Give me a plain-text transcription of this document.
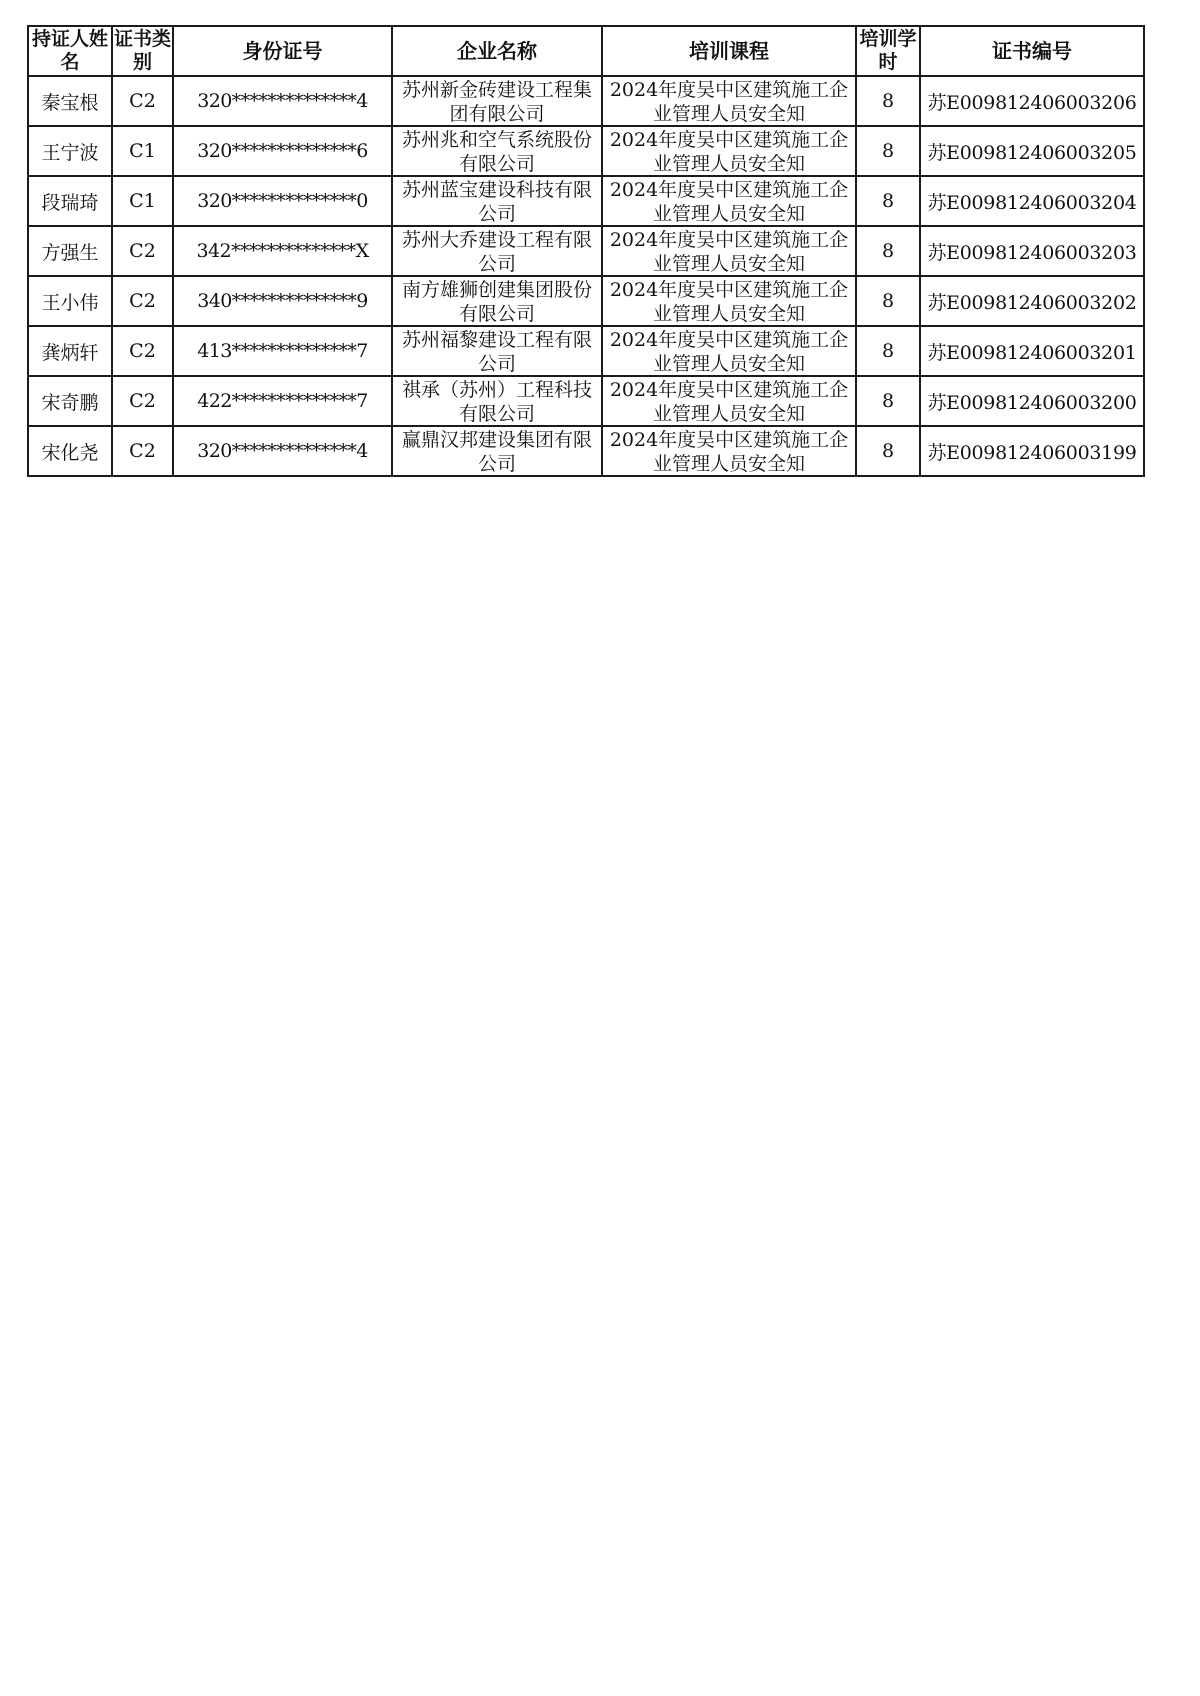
持证人姓名	证书类别	身份证号	企业名称	培训课程	培训学时	证书编号
秦宝根	C2	320**************4	苏州新金砖建设工程集团有限公司	2024年度吴中区建筑施工企业管理人员安全知	8	苏E009812406003206
王宁波	C1	320**************6	苏州兆和空气系统股份有限公司	2024年度吴中区建筑施工企业管理人员安全知	8	苏E009812406003205
段瑞琦	C1	320**************0	苏州蓝宝建设科技有限公司	2024年度吴中区建筑施工企业管理人员安全知	8	苏E009812406003204
方强生	C2	342**************X	苏州大乔建设工程有限公司	2024年度吴中区建筑施工企业管理人员安全知	8	苏E009812406003203
王小伟	C2	340**************9	南方雄狮创建集团股份有限公司	2024年度吴中区建筑施工企业管理人员安全知	8	苏E009812406003202
龚炳轩	C2	413**************7	苏州福黎建设工程有限公司	2024年度吴中区建筑施工企业管理人员安全知	8	苏E009812406003201
宋奇鹏	C2	422**************7	祺承（苏州）工程科技有限公司	2024年度吴中区建筑施工企业管理人员安全知	8	苏E009812406003200
宋化尧	C2	320**************4	赢鼎汉邦建设集团有限公司	2024年度吴中区建筑施工企业管理人员安全知	8	苏E009812406003199
